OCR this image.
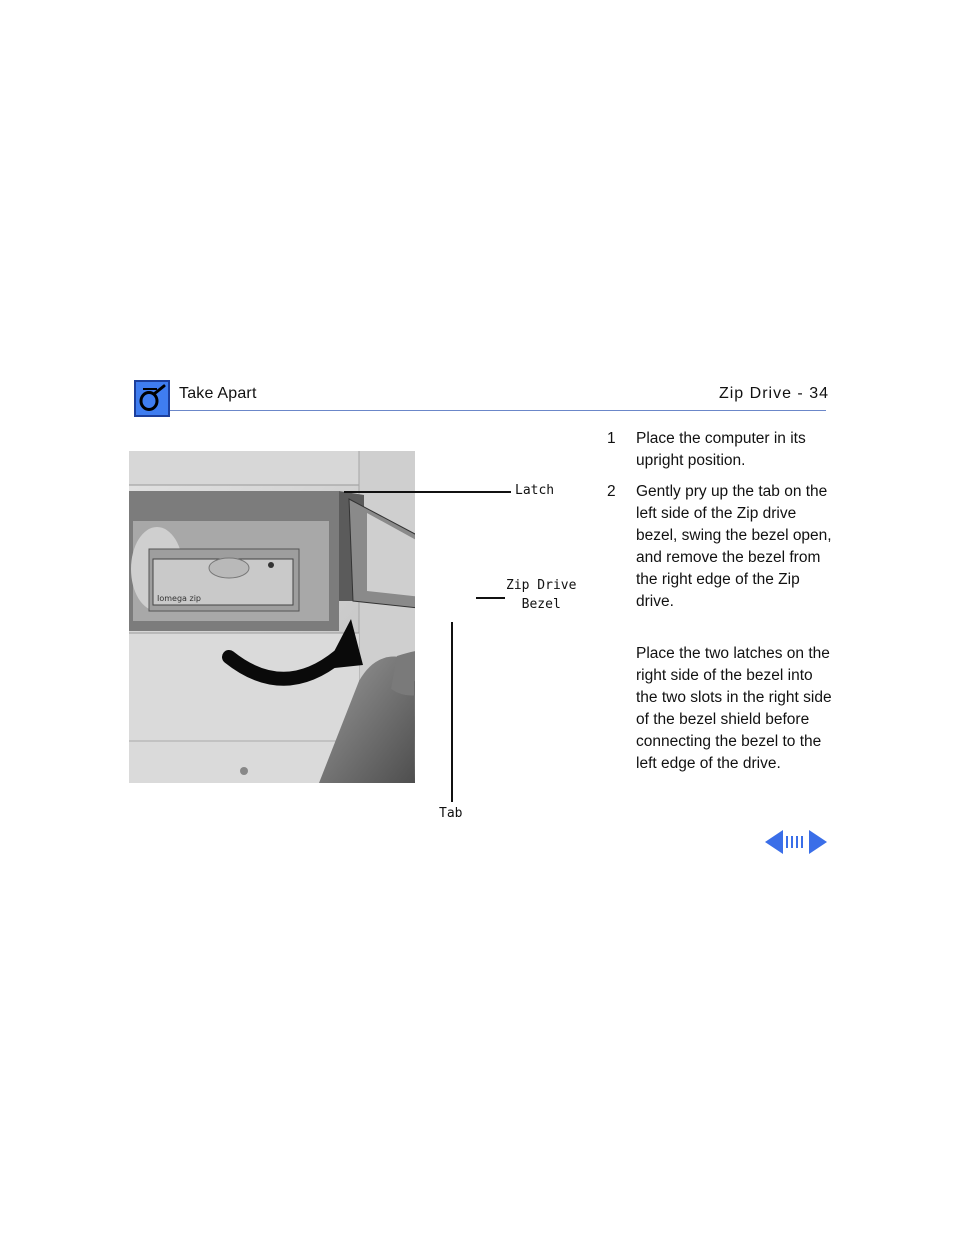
Take Apart	Zip Drive - 34
Iomega zip
Latch
Zip Drive
Bezel
Tab
1	Place the computer in its upright position.
2	Gently pry up the tab on the left side of the Zip drive bezel, swing the bezel open, and remove the bezel from the right edge of the Zip drive.
Place the two latches on the right side of the bezel into the two slots in the right side of the bezel shield before connecting the bezel to the left edge of the drive.
